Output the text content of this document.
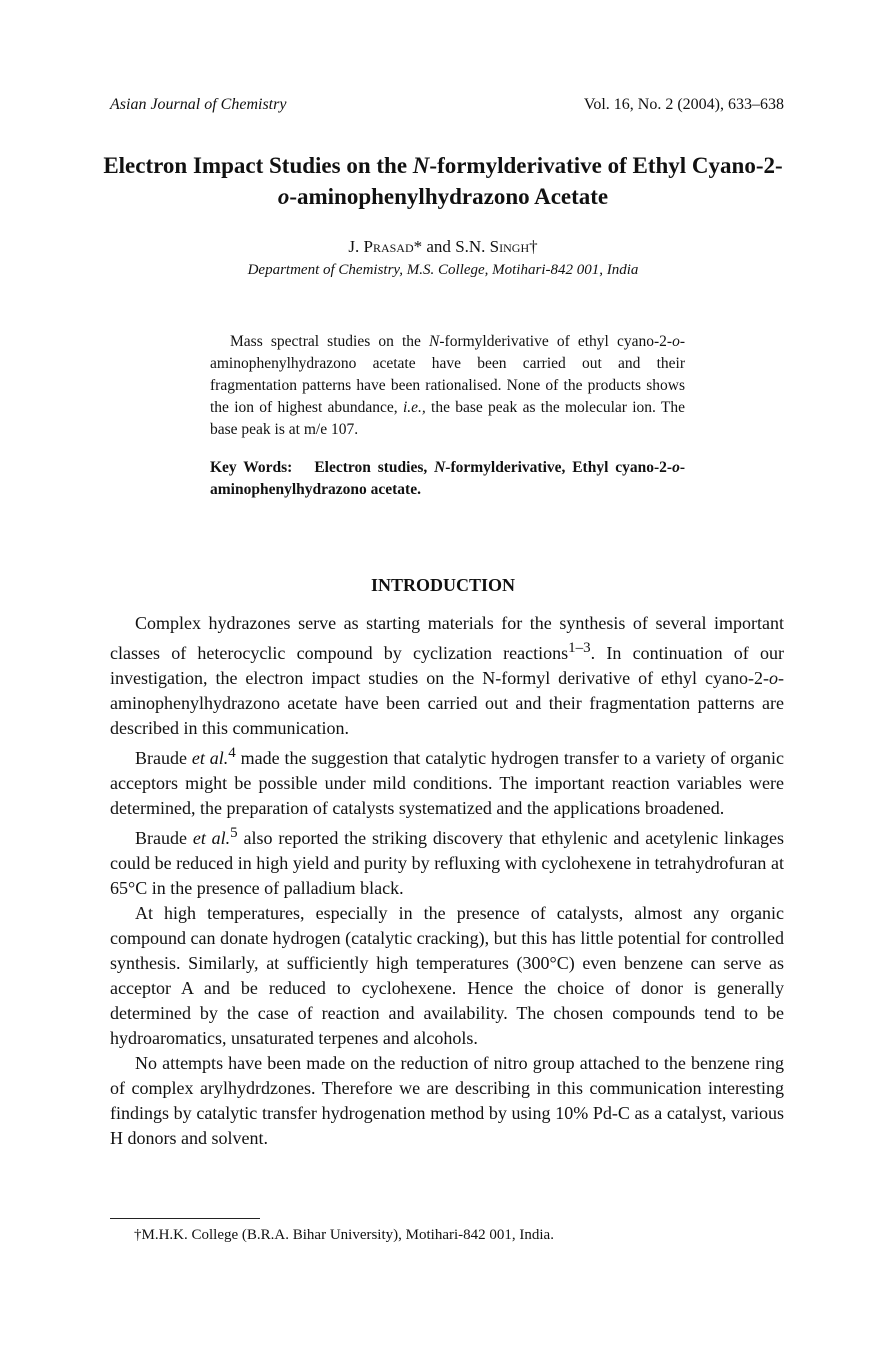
Asian Journal of Chemistry	Vol. 16, No. 2 (2004), 633–638
Electron Impact Studies on the N-formylderivative of Ethyl Cyano-2-o-aminophenylhydrazono Acetate
J. Prasad* and S.N. Singh†
Department of Chemistry, M.S. College, Motihari-842 001, India

Mass spectral studies on the N-formylderivative of ethyl cyano-2-o-aminophenylhydrazono acetate have been carried out and their fragmentation patterns have been rationalised. None of the products shows the ion of highest abundance, i.e., the base peak as the molecular ion. The base peak is at m/e 107.

Key Words: Electron studies, N-formylderivative, Ethyl cyano-2-o-aminophenylhydrazono acetate.

INTRODUCTION

Complex hydrazones serve as starting materials for the synthesis of several important classes of heterocyclic compound by cyclization reactions$^{1-3}$. In continuation of our investigation, the electron impact studies on the N-formyl derivative of ethyl cyano-2-o-aminophenylhydrazono acetate have been carried out and their fragmentation patterns are described in this communication.

Braude et al.$^4$ made the suggestion that catalytic hydrogen transfer to a variety of organic acceptors might be possible under mild conditions. The important reaction variables were determined, the preparation of catalysts systematized and the applications broadened.

Braude et al.$^5$ also reported the striking discovery that ethylenic and acetylenic linkages could be reduced in high yield and purity by refluxing with cyclohexene in tetrahydrofuran at 65°C in the presence of palladium black.

At high temperatures, especially in the presence of catalysts, almost any organic compound can donate hydrogen (catalytic cracking), but this has little potential for controlled synthesis. Similarly, at sufficiently high temperatures (300°C) even benzene can serve as acceptor A and be reduced to cyclohexene. Hence the choice of donor is generally determined by the case of reaction and availability. The chosen compounds tend to be hydroaromatics, unsaturated terpenes and alcohols.

No attempts have been made on the reduction of nitro group attached to the benzene ring of complex arylhydrdzones. Therefore we are describing in this communication interesting findings by catalytic transfer hydrogenation method by using 10% Pd-C as a catalyst, various H donors and solvent.

†M.H.K. College (B.R.A. Bihar University), Motihari-842 001, India.
